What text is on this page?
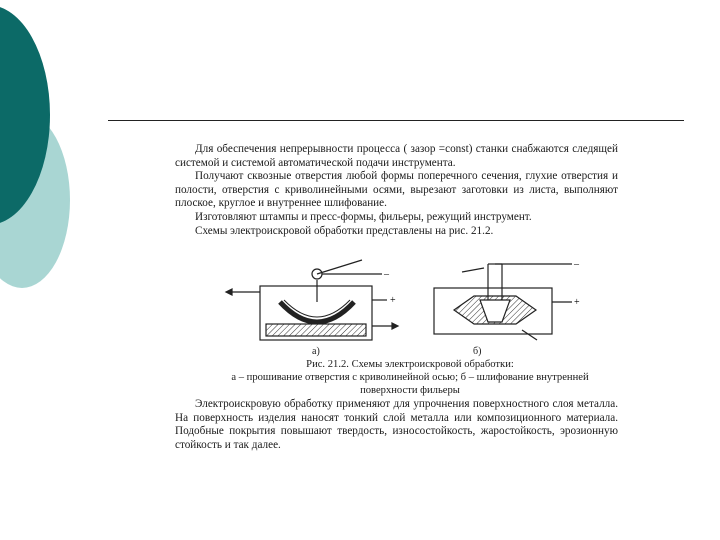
Для обеспечения непрерывности процесса ( зазор =const) станки снабжаются следящей системой и системой автоматической подачи инструмента.

Получают сквозные отверстия любой формы поперечного сечения, глухие отверстия и полости, отверстия с криволинейными осями, вырезают заготовки из листа, выполняют плоское, круглое и внутреннее шлифование.

Изготовляют штампы и пресс-формы, фильеры, режущий инструмент.

Схемы электроискровой обработки представлены на рис. 21.2.

–
+
–
+
а)	б)
Рис. 21.2. Схемы электроискровой обработки:
а – прошивание отверстия с криволинейной осью; б – шлифование внутренней
поверхности фильеры

Электроискровую обработку применяют для упрочнения поверхностного слоя металла. На поверхность изделия наносят тонкий слой металла или композиционного материала. Подобные покрытия повышают твердость, износостойкость, жаростойкость, эрозионную стойкость и так далее.
